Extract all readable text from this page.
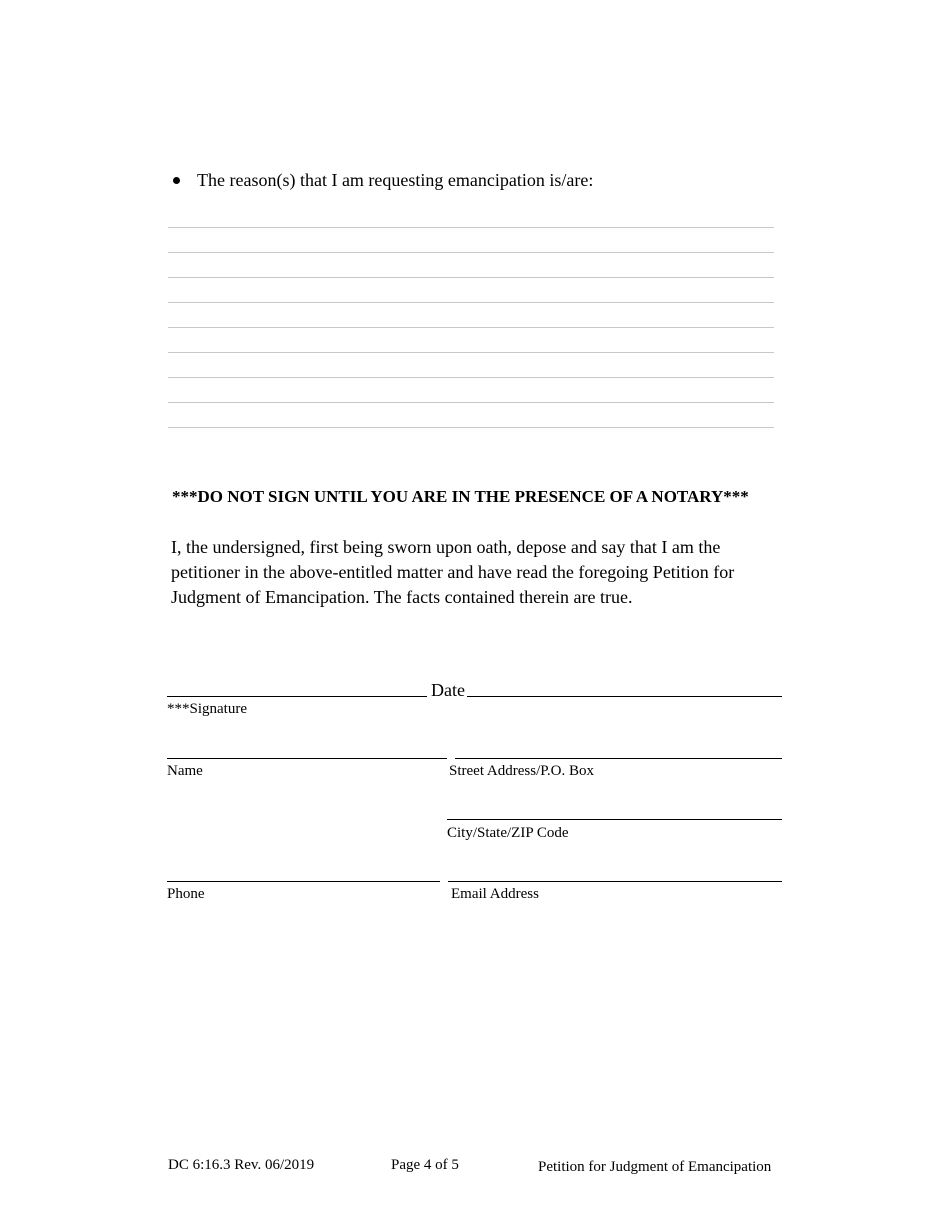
The reason(s) that I am requesting emancipation is/are:
***DO NOT SIGN UNTIL YOU ARE IN THE PRESENCE OF A NOTARY***
I, the undersigned, first being sworn upon oath, depose and say that I am the
petitioner in the above-entitled matter and have read the foregoing Petition for
Judgment of Emancipation. The facts contained therein are true.
Date
***Signature
Name	Street Address/P.O. Box
City/State/ZIP Code
Phone	Email Address
DC 6:16.3 Rev. 06/2019	Page 4 of 5	Petition for Judgment of Emancipation
